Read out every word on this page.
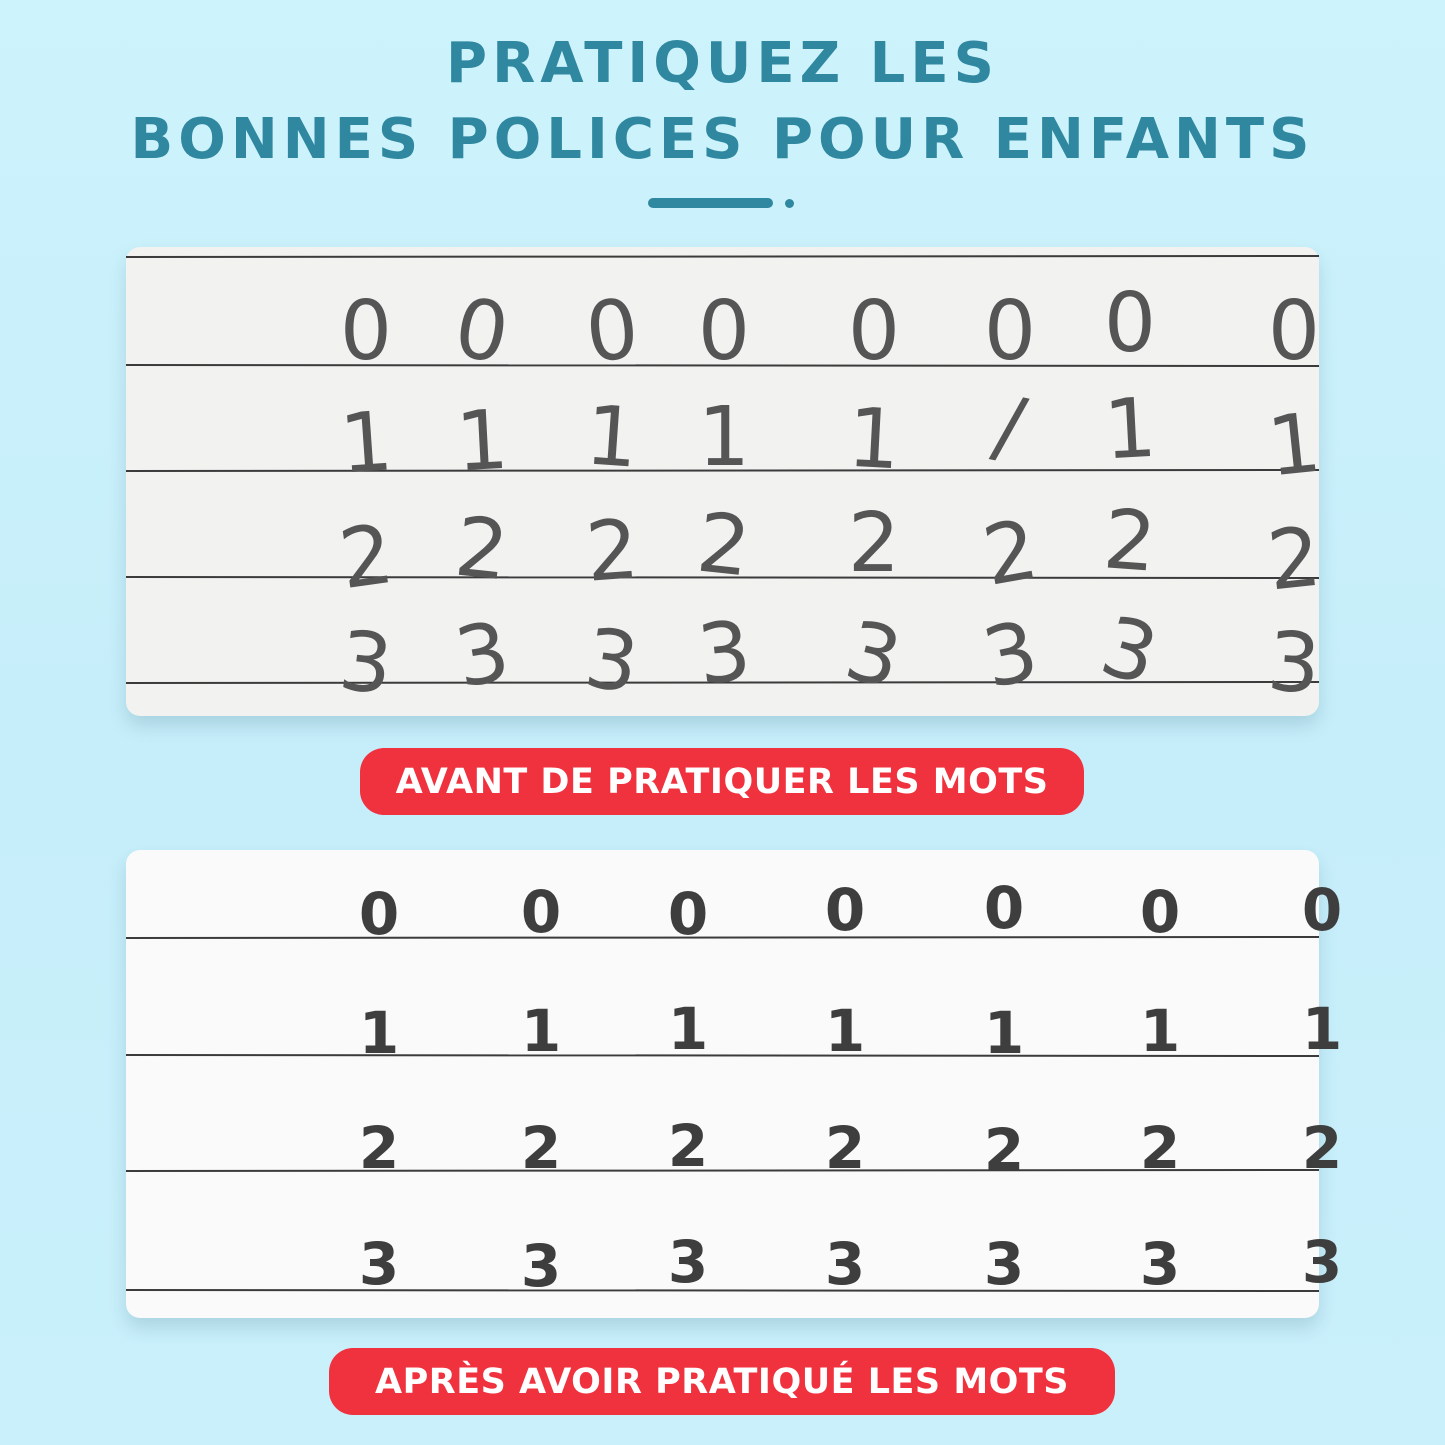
PRATIQUEZ LES
BONNES POLICES POUR ENFANTS
0 0 0 0 0 0 0 0
1 1 1 1 1 / 1 1
2 2 2 2 2 2 2 2
3 3 3 3 3 3 3 3
AVANT DE PRATIQUER LES MOTS
0 0 0 0 0 0 0
1 1 1 1 1 1 1
2 2 2 2 2 2 2
3 3 3 3 3 3 3
APRÈS AVOIR PRATIQUÉ LES MOTS
